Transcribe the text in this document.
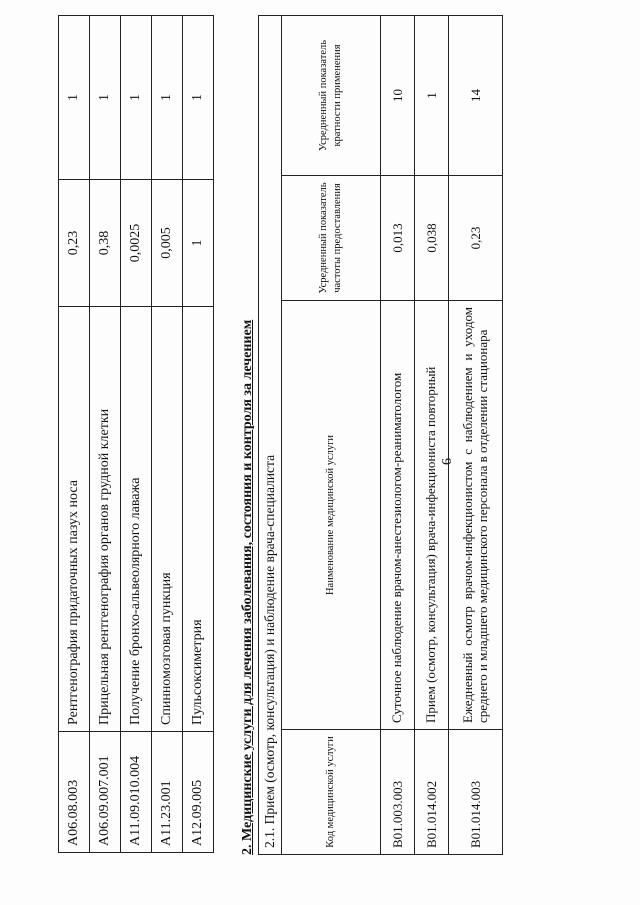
6
A06.08.003	Рентгенография придаточных пазух носа	0,23	1
A06.09.007.001	Прицельная рентгенография органов грудной клетки	0,38	1
A11.09.010.004	Получение бронхо-альвеолярного лаважа	0,0025	1
A11.23.001	Спинномозговая пункция	0,005	1
A12.09.005	Пульсоксиметрия	1	1
2. Медицинские услуги для лечения заболевания, состояния и контроля за лечением 2.1. Прием (осмотр, консультация) и наблюдение врача-специалиста			
Код медицинской услуги	Наименование медицинской услуги	Усредненный показатель частоты предоставления	Усредненный показатель кратности применения
B01.003.003	Суточное наблюдение врачом-анестезиологом-реаниматологом	0,013	10
B01.014.002	Прием (осмотр, консультация) врача-инфекциониста повторный	0,038	1
B01.014.003	Ежедневный осмотр врачом-инфекционистом с наблюдением и уходом среднего и младшего медицинского персонала в отделении стационара	0,23	14
